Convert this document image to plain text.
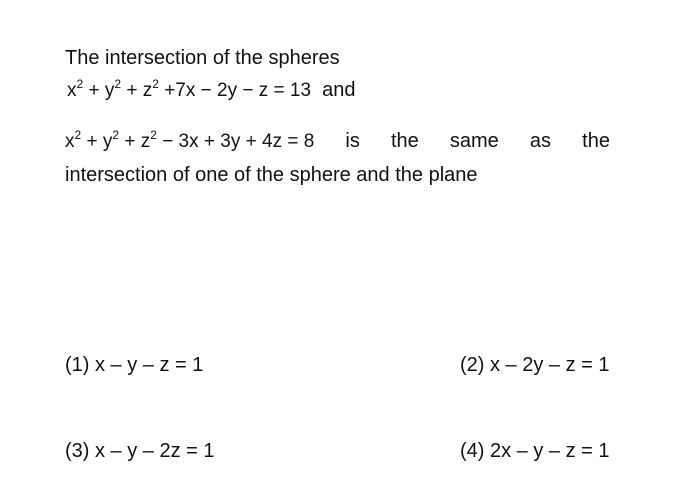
The intersection of the spheres
$x^2 + y^2 + z^2 +7x - 2y - z = 13$ and
$x^2 + y^2 + z^2 - 3x + 3y + 4z = 8$ is the same as the
intersection of one of the sphere and the plane
(1) x – y – z = 1	(2) x – 2y – z = 1
(3) x – y – 2z = 1	(4) 2x – y – z = 1
